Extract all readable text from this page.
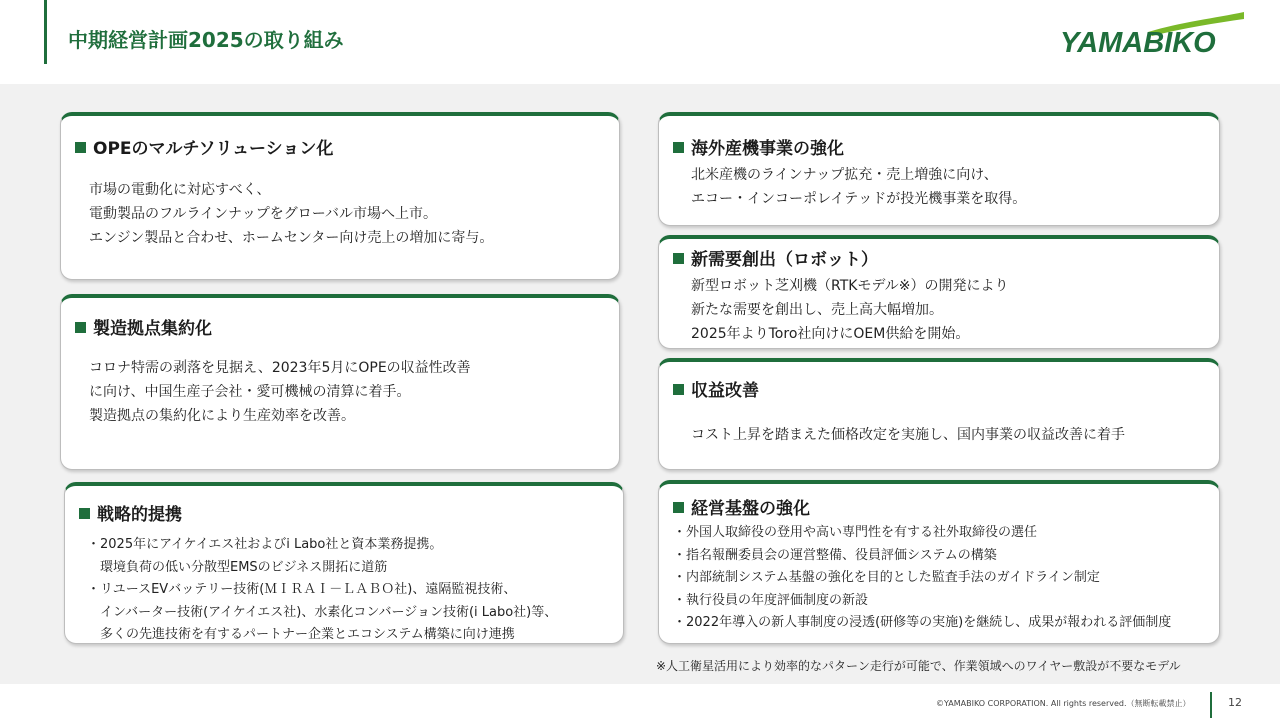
中期経営計画2025の取り組み	YAMABIKO
OPEのマルチソリューション化
市場の電動化に対応すべく、
電動製品のフルラインナップをグローバル市場へ上市。
エンジン製品と合わせ、ホームセンター向け売上の増加に寄与。
製造拠点集約化
コロナ特需の剥落を見据え、2023年5月にOPEの収益性改善
に向け、中国生産子会社・愛可機械の清算に着手。
製造拠点の集約化により生産効率を改善。
戦略的提携
・2025年にアイケイエス社およびi Labo社と資本業務提携。
　環境負荷の低い分散型EMSのビジネス開拓に道筋
・リユースEVバッテリー技術(ＭＩＲＡＩ－ＬＡＢＯ社)、遠隔監視技術、
　インバーター技術(アイケイエス社)、水素化コンバージョン技術(i Labo社)等、
　多くの先進技術を有するパートナー企業とエコシステム構築に向け連携
海外産機事業の強化
北米産機のラインナップ拡充・売上増強に向け、
エコー・インコーポレイテッドが投光機事業を取得。
新需要創出（ロボット）
新型ロボット芝刈機（RTKモデル※）の開発により
新たな需要を創出し、売上高大幅増加。
2025年よりToro社向けにOEM供給を開始。
収益改善
コスト上昇を踏まえた価格改定を実施し、国内事業の収益改善に着手
経営基盤の強化
・外国人取締役の登用や高い専門性を有する社外取締役の選任
・指名報酬委員会の運営整備、役員評価システムの構築
・内部統制システム基盤の強化を目的とした監査手法のガイドライン制定
・執行役員の年度評価制度の新設
・2022年導入の新人事制度の浸透(研修等の実施)を継続し、成果が報われる評価制度
※人工衛星活用により効率的なパターン走行が可能で、作業領域へのワイヤー敷設が不要なモデル
©YAMABIKO CORPORATION. All rights reserved.（無断転載禁止）	12
